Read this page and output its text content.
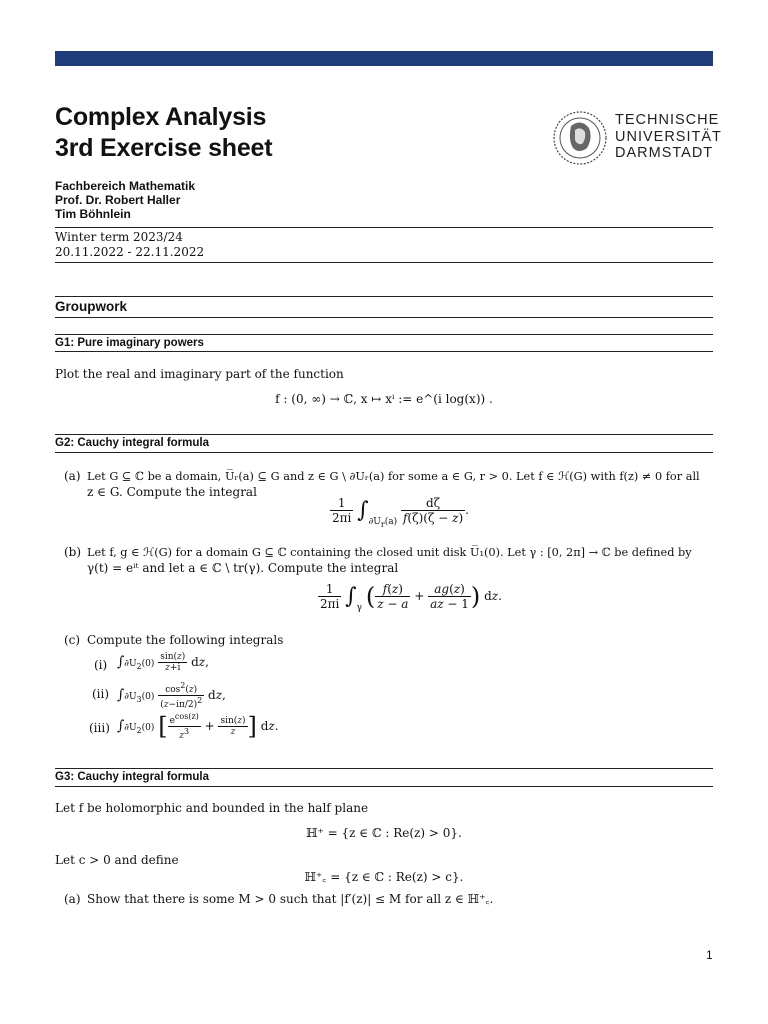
Complex Analysis
3rd Exercise sheet
TECHNISCHE
UNIVERSITÄT
DARMSTADT
Fachbereich Mathematik
Prof. Dr. Robert Haller
Tim Böhnlein
Winter term 2023/24
20.11.2022 - 22.11.2022
Groupwork
G1: Pure imaginary powers
Plot the real and imaginary part of the function
f : (0, ∞) → ℂ, x ↦ xⁱ := e^(i log(x)) .
G2: Cauchy integral formula
(a) Let G ⊆ ℂ be a domain, U̅ᵣ(a) ⊆ G and z ∈ G \ ∂Uᵣ(a) for some a ∈ G, r > 0. Let f ∈ ℋ(G) with f(z) ≠ 0 for all
z ∈ G. Compute the integral
$\frac{1}{2\pi i} \int_{\partial U_r(a)} \frac{d\zeta}{f(\zeta)(\zeta - z)}$ .
(b) Let f, g ∈ ℋ(G) for a domain G ⊆ ℂ containing the closed unit disk U̅₁(0). Let γ : [0, 2π] → ℂ be defined by
γ(t) = eⁱᵗ and let a ∈ ℂ \ tr(γ). Compute the integral
$\frac{1}{2\pi i} \int_\gamma$ ( $\frac{f(z)}{z - a} + \frac{ag(z)}{az - 1}$ ) dz.
(c) Compute the following integrals
(i) $\int\partial U_2(0) \frac{\sin(z)}{z+i}$ dz,
(ii) $\int\partial U_3(0) \frac{\cos^2(z)}{(z-i\pi/2)^2}$ dz,
(iii) $\int\partial U_2(0)$ [ $\frac{e^{cos(z)}}{z^3} + \frac{\sin(z)}{z}$ ] dz.
G3: Cauchy integral formula
Let f be holomorphic and bounded in the half plane
ℍ⁺ = {z ∈ ℂ : Re(z) > 0}.
Let c > 0 and define
ℍ⁺꜀ = {z ∈ ℂ : Re(z) > c}.
(a) Show that there is some M > 0 such that |f′(z)| ≤ M for all z ∈ ℍ⁺꜀.
1
